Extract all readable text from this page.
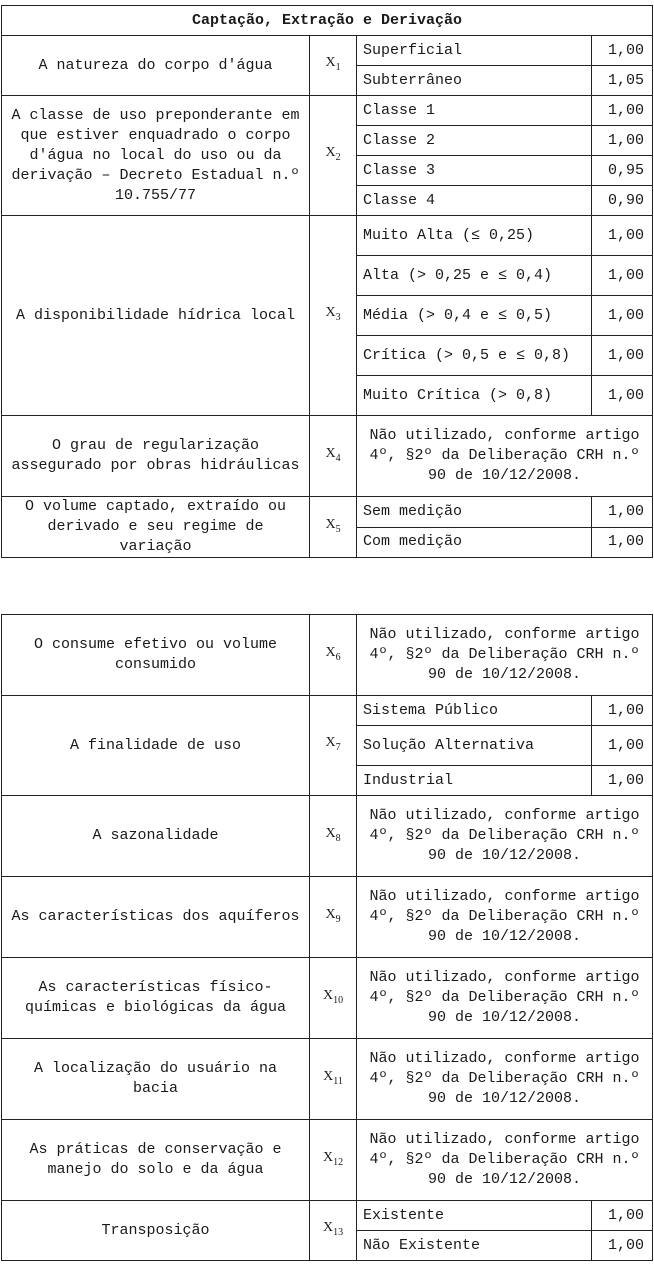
Captação, Extração e Derivação			
A natureza do corpo d'água	$X_1$	Superficial	1,00
		Subterrâneo	1,05
A classe de uso preponderante em que estiver enquadrado o corpo d'água no local do uso ou da derivação – Decreto Estadual n.º 10.755/77	$X_2$	Classe 1	1,00
		Classe 2	1,00
		Classe 3	0,95
		Classe 4	0,90
A disponibilidade hídrica local	$X_3$	Muito Alta (≤ 0,25)	1,00
		Alta (> 0,25 e ≤ 0,4)	1,00
		Média (> 0,4 e ≤ 0,5)	1,00
		Crítica (> 0,5 e ≤ 0,8)	1,00
		Muito Crítica (> 0,8)	1,00
O grau de regularização assegurado por obras hidráulicas	$X_4$	Não utilizado, conforme artigo 4º, §2º da Deliberação CRH n.º 90 de 10/12/2008.	
O volume captado, extraído ou derivado e seu regime de variação	$X_5$	Sem medição	1,00
		Com medição	1,00
O consume efetivo ou volume consumido	$X_6$	Não utilizado, conforme artigo 4º, §2º da Deliberação CRH n.º 90 de 10/12/2008.	
A finalidade de uso	$X_7$	Sistema Público	1,00
		Solução Alternativa	1,00
		Industrial	1,00
A sazonalidade	$X_8$	Não utilizado, conforme artigo 4º, §2º da Deliberação CRH n.º 90 de 10/12/2008.	
As características dos aquíferos	$X_9$	Não utilizado, conforme artigo 4º, §2º da Deliberação CRH n.º 90 de 10/12/2008.	
As características físico-químicas e biológicas da água	$X_{10}$	Não utilizado, conforme artigo 4º, §2º da Deliberação CRH n.º 90 de 10/12/2008.	
A localização do usuário na bacia	$X_{11}$	Não utilizado, conforme artigo 4º, §2º da Deliberação CRH n.º 90 de 10/12/2008.	
As práticas de conservação e manejo do solo e da água	$X_{12}$	Não utilizado, conforme artigo 4º, §2º da Deliberação CRH n.º 90 de 10/12/2008.	
Transposição	$X_{13}$	Existente	1,00
		Não Existente	1,00
